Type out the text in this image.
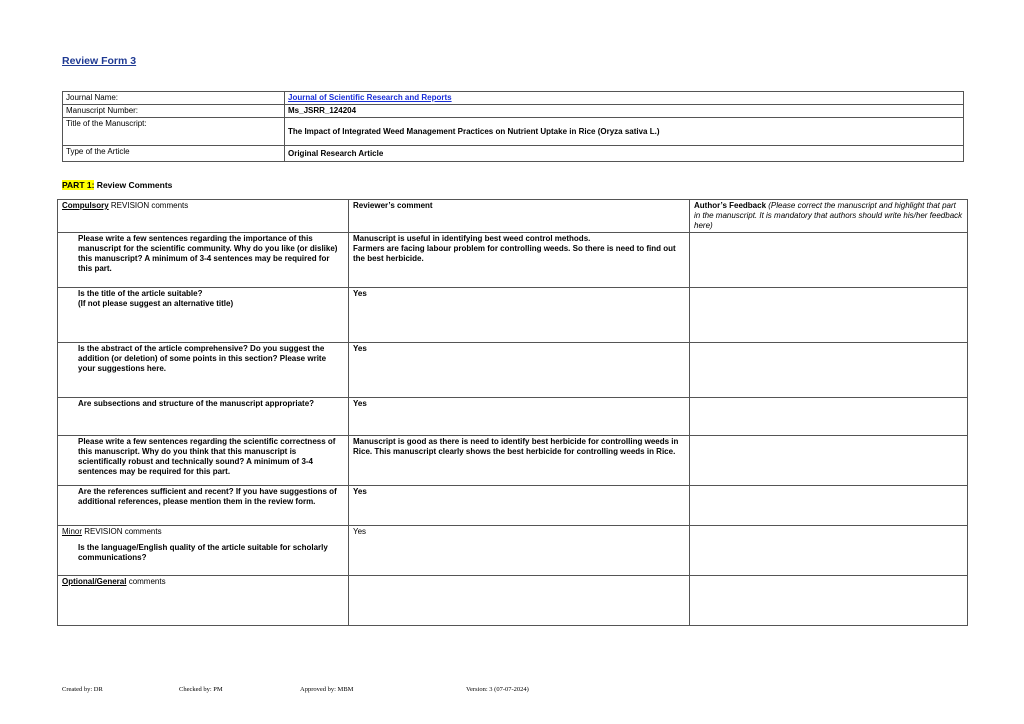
Review Form 3
Journal Name:	Journal of Scientific Research and Reports
Manuscript Number:	Ms_JSRR_124204
Title of the Manuscript:	The Impact of Integrated Weed Management Practices on Nutrient Uptake in Rice (Oryza sativa L.)
Type of the Article	Original Research Article
PART 1: Review Comments
Compulsory REVISION comments	Reviewer’s comment	Author’s Feedback (Please correct the manuscript and highlight that part in the manuscript. It is mandatory that authors should write his/her feedback here)
Please write a few sentences regarding the importance of this manuscript for the scientific community. Why do you like (or dislike) this manuscript? A minimum of 3-4 sentences may be required for this part.	Manuscript is useful in identifying best weed control methods.
Farmers are facing labour problem for controlling weeds. So there is need to find out the best herbicide.	
Is the title of the article suitable?
(If not please suggest an alternative title)	Yes	
Is the abstract of the article comprehensive? Do you suggest the addition (or deletion) of some points in this section? Please write your suggestions here.	Yes	
Are subsections and structure of the manuscript appropriate?	Yes	
Please write a few sentences regarding the scientific correctness of this manuscript. Why do you think that this manuscript is scientifically robust and technically sound? A minimum of 3-4 sentences may be required for this part.	Manuscript is good as there is need to identify best herbicide for controlling weeds in Rice. This manuscript clearly shows the best herbicide for controlling weeds in Rice.	
Are the references sufficient and recent? If you have suggestions of additional references, please mention them in the review form.	Yes	
Minor REVISION comments
Is the language/English quality of the article suitable for scholarly communications?	Yes	
Optional/General comments		
Created by: DR	Checked by: PM	Approved by: MBM	Version: 3 (07-07-2024)
